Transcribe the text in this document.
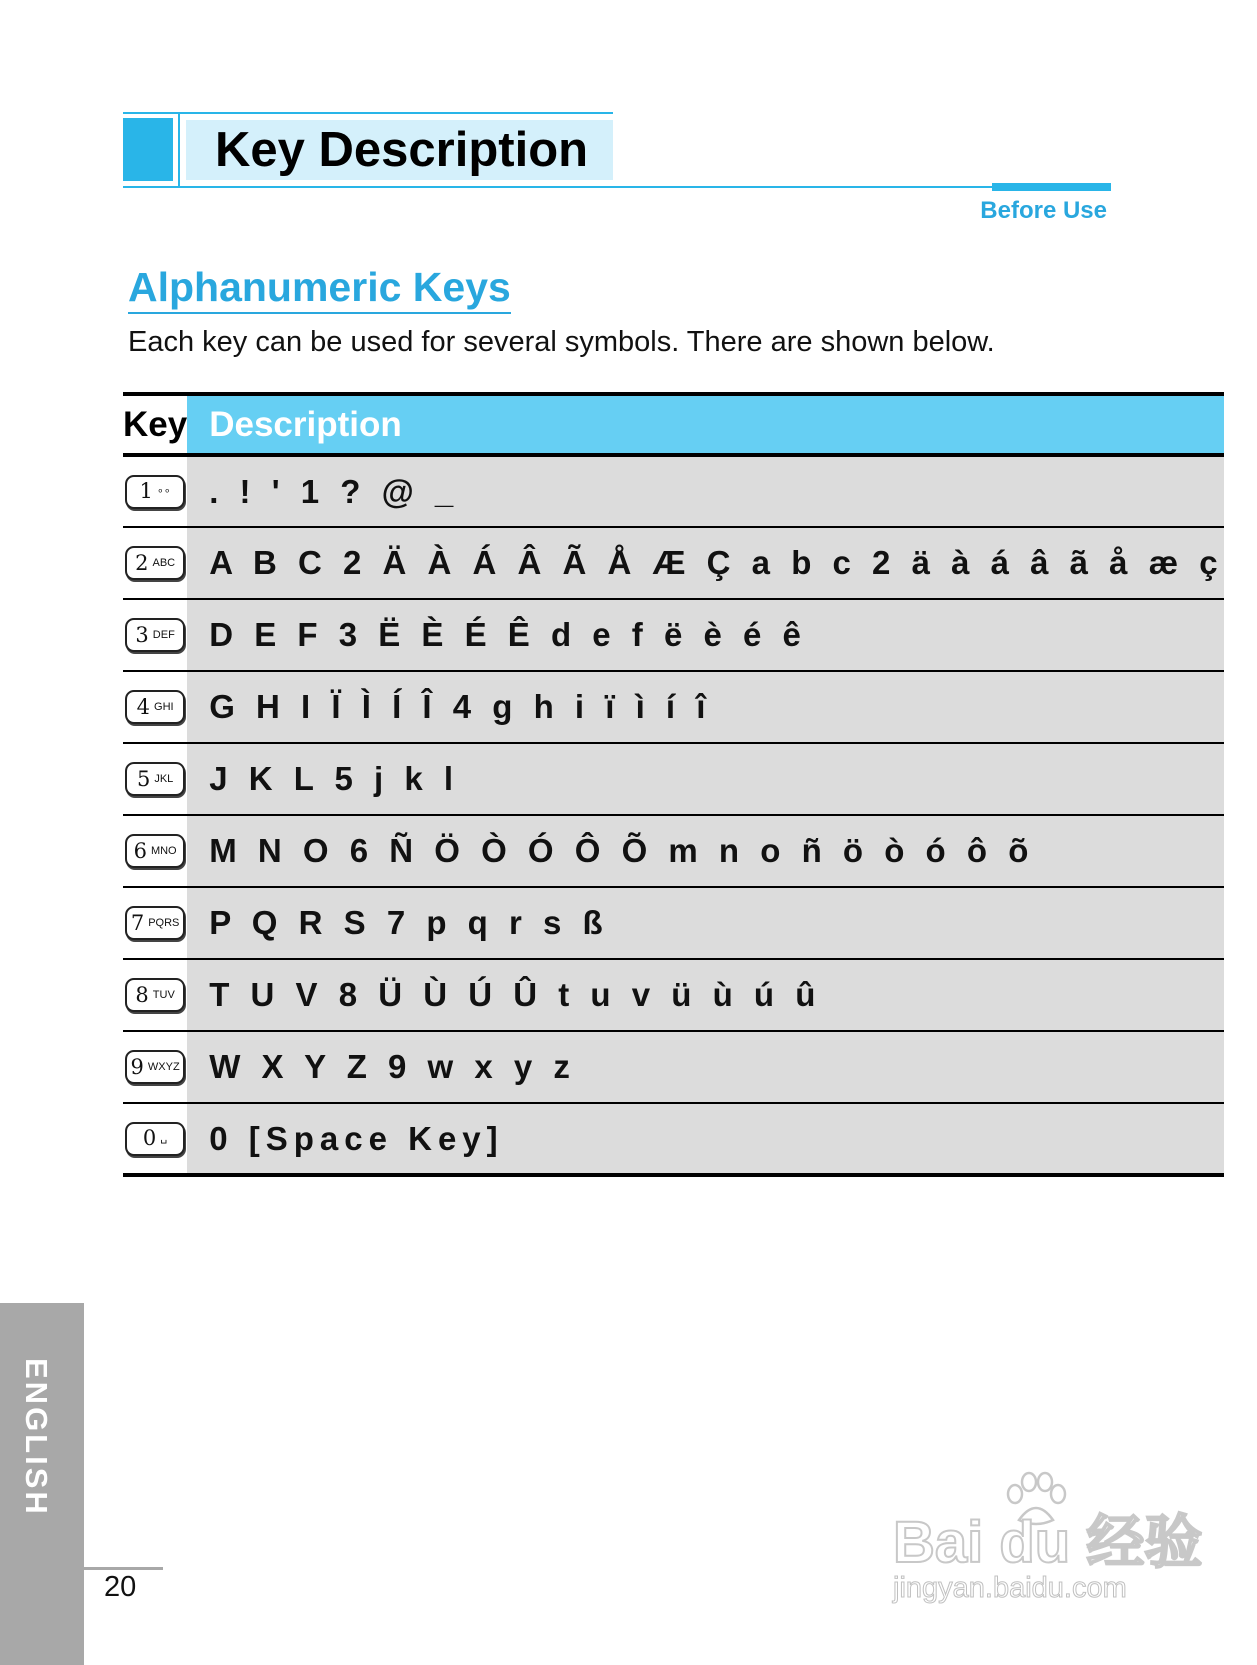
Key Description
Before Use
Alphanumeric Keys

Each key can be used for several symbols. There are shown below.

Key	Description

1 ∘∘	. ! ' 1 ? @ _

2 ABC	A B C 2 Ä À Á Â Ã Å Æ Ç a b c 2 ä à á â ã å æ ç

3 DEF	D E F 3 Ë È É Ê d e f ë è é ê

4 GHI	G H I Ï Ì Í Î 4 g h i ï ì í î

5 JKL	J K L 5 j k l

6 MNO	M N O 6 Ñ Ö Ò Ó Ô Õ m n o ñ ö ò ó ô õ

7 PQRS	P Q R S 7 p q r s ß

8 TUV	T U V 8 Ü Ù Ú Û t u v ü ù ú û

9 WXYZ	W X Y Z 9 w x y z

0 ␣	0 [Space Key]
ENGLISH
20
Bai du 经验
jingyan.baidu.com
